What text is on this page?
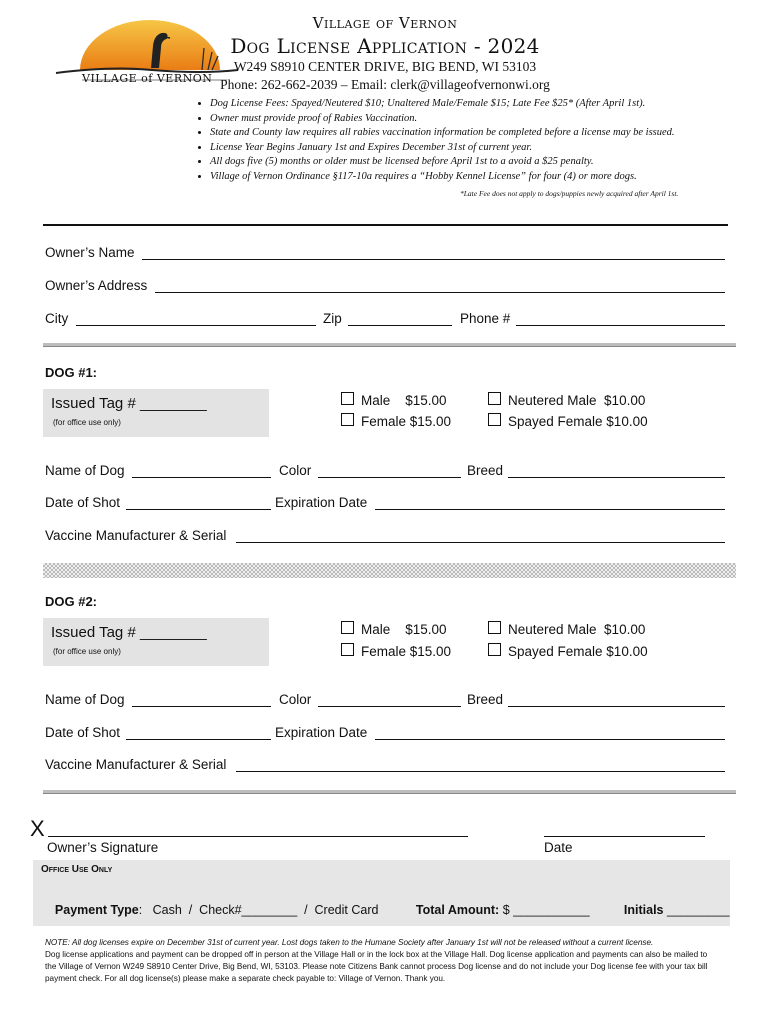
VILLAGE of VERNON
Village of Vernon
Dog License Application - 2024
W249 S8910 CENTER DRIVE, BIG BEND, WI 53103
Phone: 262-662-2039 – Email: clerk@villageofvernonwi.org
• Dog License Fees: Spayed/Neutered $10; Unaltered Male/Female $15; Late Fee $25* (After April 1st).
• Owner must provide proof of Rabies Vaccination.
• State and County law requires all rabies vaccination information be completed before a license may be issued.
• License Year Begins January 1st and Expires December 31st of current year.
• All dogs five (5) months or older must be licensed before April 1st to a avoid a $25 penalty.
• Village of Vernon Ordinance §117-10a requires a “Hobby Kennel License” for four (4) or more dogs.
*Late Fee does not apply to dogs/puppies newly acquired after April 1st.
Owner’s Name
Owner’s Address
City	Zip	Phone #
DOG #1:
Issued Tag # ________
(for office use only)
Male    $15.00
Female $15.00
Neutered Male  $10.00
Spayed Female $10.00
Name of Dog	Color	Breed
Date of Shot	Expiration Date
Vaccine Manufacturer & Serial
DOG #2:
Issued Tag # ________
(for office use only)
Male    $15.00
Female $15.00
Neutered Male  $10.00
Spayed Female $10.00
Name of Dog	Color	Breed
Date of Shot	Expiration Date
Vaccine Manufacturer & Serial
X
Owner’s Signature	Date
Office Use Only

Payment Type:   Cash  /  Check#________  /  Credit Card
	Total Amount: $ ___________
	Initials _________

NOTE: All dog licenses expire on December 31st of current year. Lost dogs taken to the Humane Society after January 1st will not be released without a current license.
Dog license applications and payment can be dropped off in person at the Village Hall or in the lock box at the Village Hall. Dog license application and payments can also be mailed to
the Village of Vernon W249 S8910 Center Drive, Big Bend, WI, 53103. Please note Citizens Bank cannot process Dog license and do not include your Dog license fee with your tax bill
payment check. For all dog license(s) please make a separate check payable to: Village of Vernon. Thank you.
